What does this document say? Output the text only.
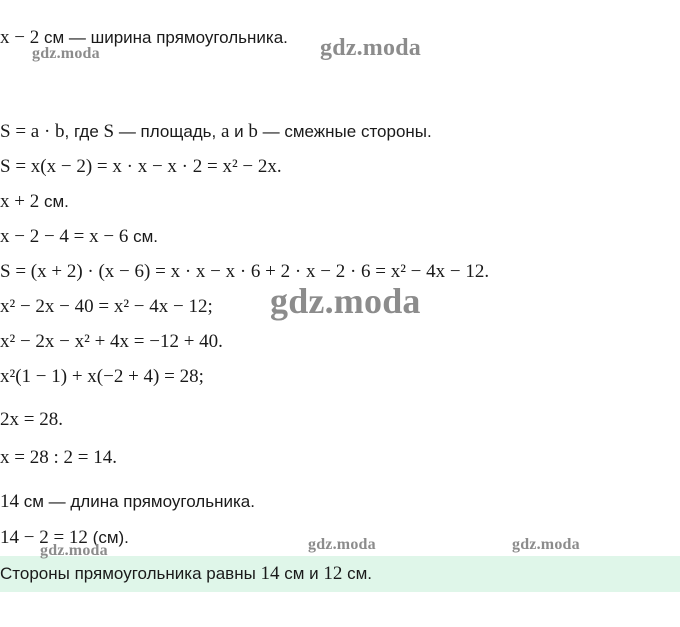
x − 2 см — ширина прямоугольника.
S = a · b, где S — площадь, a и b — смежные стороны.
S = x(x − 2) = x · x − x · 2 = x² − 2x.
x + 2 см.
x − 2 − 4 = x − 6 см.
S = (x + 2) · (x − 6) = x · x − x · 6 + 2 · x − 2 · 6 = x² − 4x − 12.
x² − 2x − 40 = x² − 4x − 12;
x² − 2x − x² + 4x = −12 + 40.
x²(1 − 1) + x(−2 + 4) = 28;
2x = 28.
x = 28 : 2 = 14.
14 см — длина прямоугольника.
14 − 2 = 12 (см).
Стороны прямоугольника равны 14 см и 12 см.
gdz.moda	gdz.moda
gdz.moda
gdz.moda	gdz.moda	gdz.moda
